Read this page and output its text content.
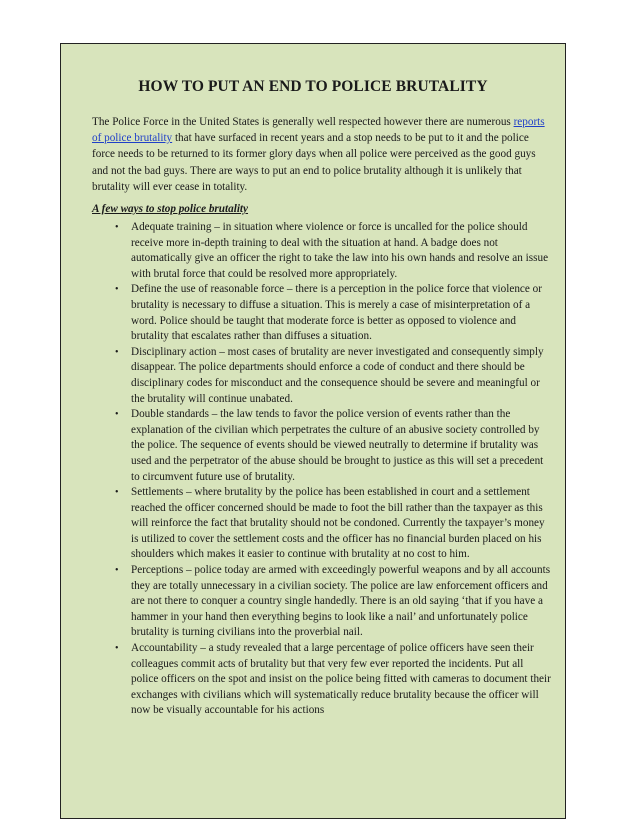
HOW TO PUT AN END TO POLICE BRUTALITY

The Police Force in the United States is generally well respected however there are numerous reports of police brutality that have surfaced in recent years and a stop needs to be put to it and the police force needs to be returned to its former glory days when all police were perceived as the good guys and not the bad guys. There are ways to put an end to police brutality although it is unlikely that brutality will ever cease in totality.

A few ways to stop police brutality
• Adequate training – in situation where violence or force is uncalled for the police should receive more in-depth training to deal with the situation at hand. A badge does not automatically give an officer the right to take the law into his own hands and resolve an issue with brutal force that could be resolved more appropriately.
• Define the use of reasonable force – there is a perception in the police force that violence or brutality is necessary to diffuse a situation. This is merely a case of misinterpretation of a word. Police should be taught that moderate force is better as opposed to violence and brutality that escalates rather than diffuses a situation.
• Disciplinary action – most cases of brutality are never investigated and consequently simply disappear. The police departments should enforce a code of conduct and there should be disciplinary codes for misconduct and the consequence should be severe and meaningful or the brutality will continue unabated.
• Double standards – the law tends to favor the police version of events rather than the explanation of the civilian which perpetrates the culture of an abusive society controlled by the police. The sequence of events should be viewed neutrally to determine if brutality was used and the perpetrator of the abuse should be brought to justice as this will set a precedent to circumvent future use of brutality.
• Settlements – where brutality by the police has been established in court and a settlement reached the officer concerned should be made to foot the bill rather than the taxpayer as this will reinforce the fact that brutality should not be condoned. Currently the taxpayer’s money is utilized to cover the settlement costs and the officer has no financial burden placed on his shoulders which makes it easier to continue with brutality at no cost to him.
• Perceptions – police today are armed with exceedingly powerful weapons and by all accounts they are totally unnecessary in a civilian society. The police are law enforcement officers and are not there to conquer a country single handedly. There is an old saying ‘that if you have a hammer in your hand then everything begins to look like a nail’ and unfortunately police brutality is turning civilians into the proverbial nail.
• Accountability – a study revealed that a large percentage of police officers have seen their colleagues commit acts of brutality but that very few ever reported the incidents. Put all police officers on the spot and insist on the police being fitted with cameras to document their exchanges with civilians which will systematically reduce brutality because the officer will now be visually accountable for his actions
